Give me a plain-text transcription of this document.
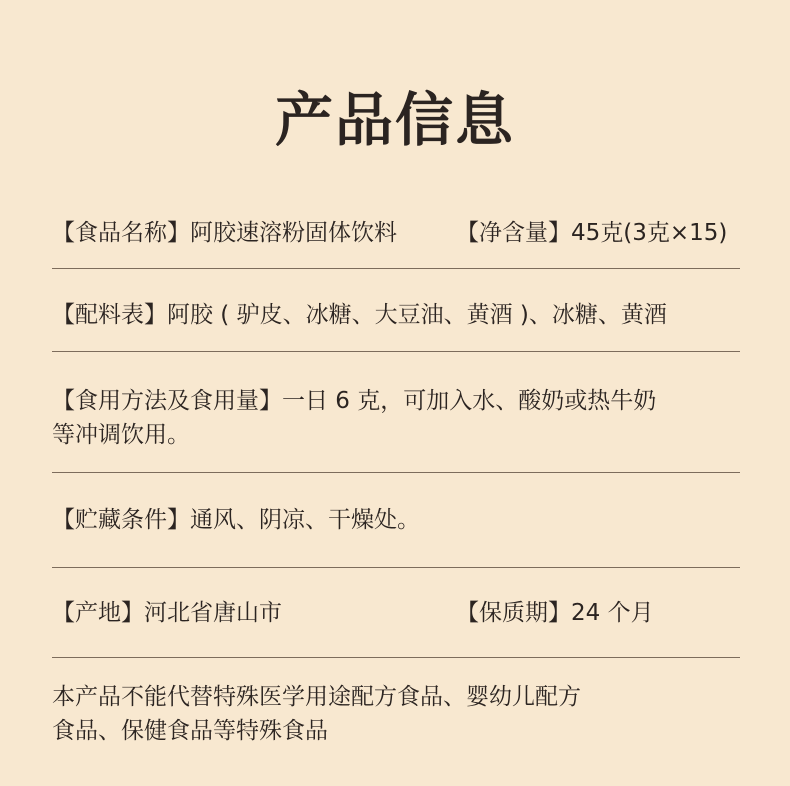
产品信息
【食品名称】阿胶速溶粉固体饮料	【净含量】45克(3克×15)
【配料表】阿胶 ( 驴皮、冰糖、大豆油、黄酒 )、冰糖、黄酒
【食用方法及食用量】一日 6 克，可加入水、酸奶或热牛奶
等冲调饮用。
【贮藏条件】通风、阴凉、干燥处。
【产地】河北省唐山市	【保质期】24 个月
本产品不能代替特殊医学用途配方食品、婴幼儿配方
食品、保健食品等特殊食品
